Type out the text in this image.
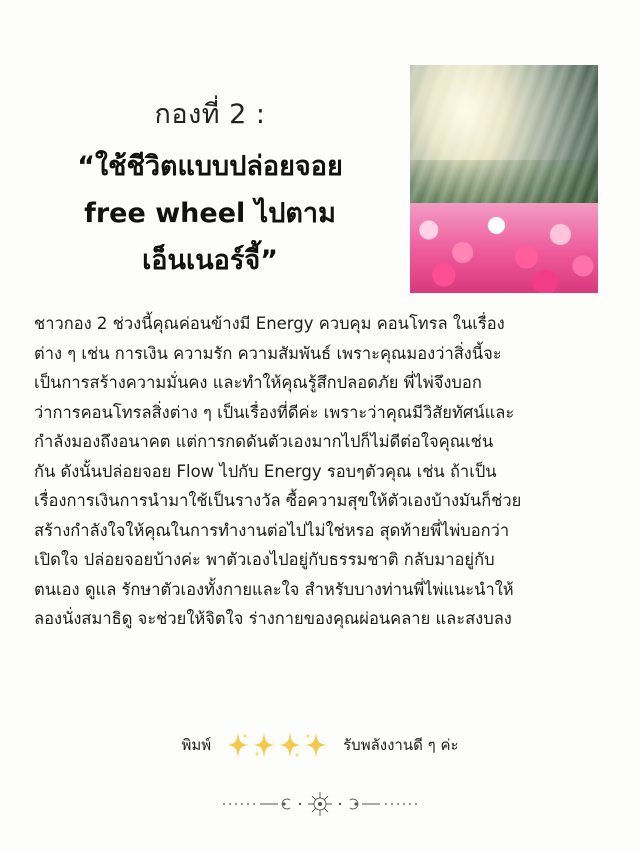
กองที่ 2 :
“ใช้ชีวิตแบบปล่อยจอย
free wheel ไปตาม
เอ็นเนอร์จี้”
ชาวกอง 2 ช่วงนี้คุณค่อนข้างมี Energy ควบคุม คอนโทรล ในเรื่อง
ต่าง ๆ เช่น การเงิน ความรัก ความสัมพันธ์ เพราะคุณมองว่าสิ่งนี้จะ
เป็นการสร้างความมั่นคง และทำให้คุณรู้สึกปลอดภัย พี่ไพ่จึงบอก
ว่าการคอนโทรลสิ่งต่าง ๆ เป็นเรื่องที่ดีค่ะ เพราะว่าคุณมีวิสัยทัศน์และ
กำลังมองถึงอนาคต แต่การกดดันตัวเองมากไปก็ไม่ดีต่อใจคุณเช่น
กัน ดังนั้นปล่อยจอย Flow ไปกับ Energy รอบๆตัวคุณ เช่น ถ้าเป็น
เรื่องการเงินการนำมาใช้เป็นรางวัล ซื้อความสุขให้ตัวเองบ้างมันก็ช่วย
สร้างกำลังใจให้คุณในการทำงานต่อไปไม่ใช่หรอ สุดท้ายพี่ไพ่บอกว่า
เปิดใจ ปล่อยจอยบ้างค่ะ พาตัวเองไปอยู่กับธรรมชาติ กลับมาอยู่กับ
ตนเอง ดูแล รักษาตัวเองทั้งกายและใจ สำหรับบางท่านพี่ไพ่แนะนำให้
ลองนั่งสมาธิดู จะช่วยให้จิตใจ ร่างกายของคุณผ่อนคลาย และสงบลง
พิมพ์	รับพลังงานดี ๆ ค่ะ
